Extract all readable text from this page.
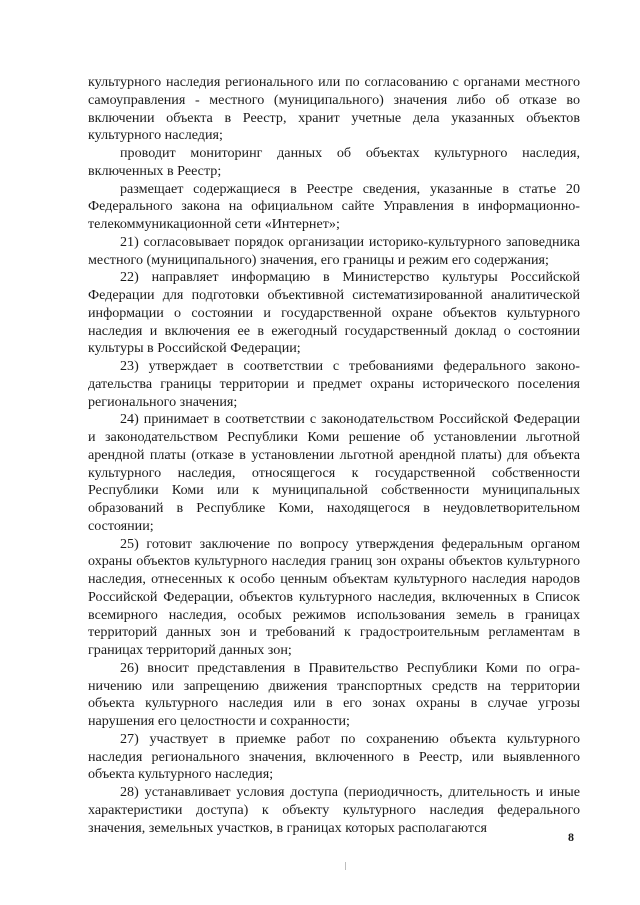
культурного наследия регионального или по согласованию с органами местного самоуправления - местного (муниципального) значения либо об отказе во включении объекта в Реестр, хранит учетные дела указанных объектов культурного наследия;

проводит мониторинг данных об объектах культурного наследия, включенных в Реестр;

размещает содержащиеся в Реестре сведения, указанные в статье 20 Федерального закона на официальном сайте Управления в информационно-телекоммуникационной сети «Интернет»;

21) согласовывает порядок организации историко-культурного заповедника местного (муниципального) значения, его границы и режим его содержания;

22) направляет информацию в Министерство культуры Российской Федерации для подготовки объективной систематизированной аналитической информации о состоянии и государственной охране объектов культурного наследия и включения ее в ежегодный государственный доклад о состоянии культуры в Российской Федерации;

23) утверждает в соответствии с требованиями федерального законодательства границы территории и предмет охраны исторического поселения регионального значения;

24) принимает в соответствии с законодательством Российской Федерации и законодательством Республики Коми решение об установлении льготной арендной платы (отказе в установлении льготной арендной платы) для объекта культурного наследия, относящегося к государственной собственности Республики Коми или к муниципальной собственности муниципальных образований в Республике Коми, находящегося в неудовлетворительном состоянии;

25) готовит заключение по вопросу утверждения федеральным органом охраны объектов культурного наследия границ зон охраны объектов культурного наследия, отнесенных к особо ценным объектам культурного наследия народов Российской Федерации, объектов культурного наследия, включенных в Список всемирного наследия, особых режимов использования земель в границах территорий данных зон и требований к градостроительным регламентам в границах территорий данных зон;

26) вносит представления в Правительство Республики Коми по ограничению или запрещению движения транспортных средств на территории объекта культурного наследия или в его зонах охраны в случае угрозы нарушения его целостности и сохранности;

27) участвует в приемке работ по сохранению объекта культурного наследия регионального значения, включенного в Реестр, или выявленного объекта культурного наследия;

28) устанавливает условия доступа (периодичность, длительность и иные характеристики доступа) к объекту культурного наследия федерального значения, земельных участков, в границах которых располагаются

8
